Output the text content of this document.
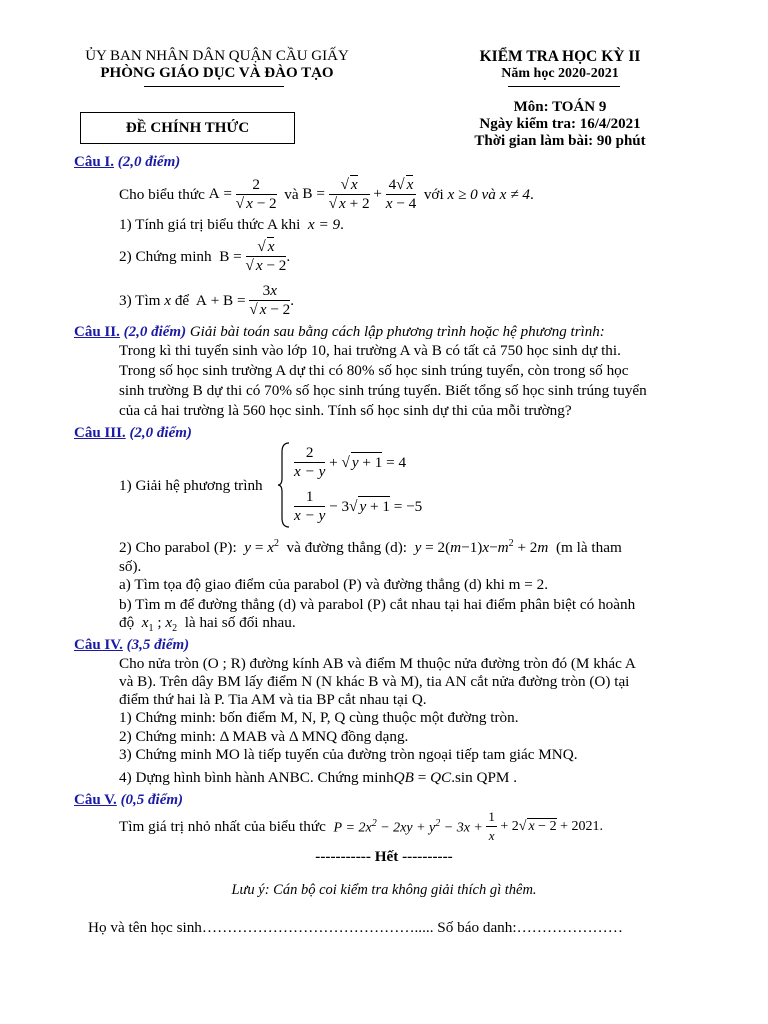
ỦY BAN NHÂN DÂN QUẬN CẦU GIẤY
PHÒNG GIÁO DỤC VÀ ĐÀO TẠO
KIỂM TRA HỌC KỲ II
Năm học 2020-2021
Môn: TOÁN 9
Ngày kiểm tra: 16/4/2021
Thời gian làm bài: 90 phút
ĐỀ CHÍNH THỨC
Câu I. (2,0 điểm)
Cho biểu thức
$A = \frac{2}{√ x - 2}$
và
$B = \frac{√ x}{√ x + 2} + \frac{4√ x}{x - 4}$
với
x ≥ 0 và x ≠ 4 .
1) Tính giá trị biểu thức A khi x = 9.
2) Chứng minh $B = \frac{√ x}{√ x - 2}$ .
3) Tìm
x
để $A + B = \frac{3x}{√ x - 2}$ .
Câu II. (2,0 điểm) Giải bài toán sau bằng cách lập phương trình hoặc hệ phương trình:
Trong kì thi tuyển sinh vào lớp 10, hai trường A và B có tất cả 750 học sinh dự thi.
Trong số học sinh trường A dự thi có 80% số học sinh trúng tuyển, còn trong số học
sinh trường B dự thi có 70% số học sinh trúng tuyển. Biết tổng số học sinh trúng tuyển
của cả hai trường là 560 học sinh. Tính số học sinh dự thi của mỗi trường?
Câu III. (2,0 điểm)
1) Giải hệ phương trình
$\frac{2}{x - y}$ + √ y + 1 = 4
$\frac{1}{x - y} - 3$ √ y + 1 = −5
2) Cho parabol (P): $y = x^2$ và đường thẳng (d): $y = 2(m-1)x-m^2 + 2m$ (m là tham
số).
a) Tìm tọa độ giao điểm của parabol (P) và đường thẳng (d) khi m = 2.
b) Tìm m để đường thẳng (d) và parabol (P) cắt nhau tại hai điểm phân biệt có hoành
độ  $x_1$ ; $x_2$ là hai số đối nhau.
Câu IV. (3,5 điểm)
Cho nửa tròn (O ; R) đường kính AB và điểm M thuộc nửa đường tròn đó (M khác A
và B). Trên dây BM lấy điểm N (N khác B và M), tia AN cắt nửa đường tròn (O) tại
điểm thứ hai là P. Tia AM và tia BP cắt nhau tại Q.
1) Chứng minh: bốn điểm M, N, P, Q cùng thuộc một đường tròn.
2) Chứng minh: Δ MAB và Δ MNQ đồng dạng.
3) Chứng minh MO là tiếp tuyến của đường tròn ngoại tiếp tam giác MNQ.
4) Dựng hình bình hành ANBC. Chứng minhQB = QC.sin QPM .
Câu V. (0,5 điểm)
Tìm giá trị nhỏ nhất của biểu thức
$P = 2x^2 - 2xy + y^2 - 3x + \frac{1}{x} + 2√$ x − 2 + 2021.
----------- Hết ----------
Lưu ý: Cán bộ coi kiểm tra không giải thích gì thêm.
Họ và tên học sinh……………………………………..... Số báo danh:…………………
